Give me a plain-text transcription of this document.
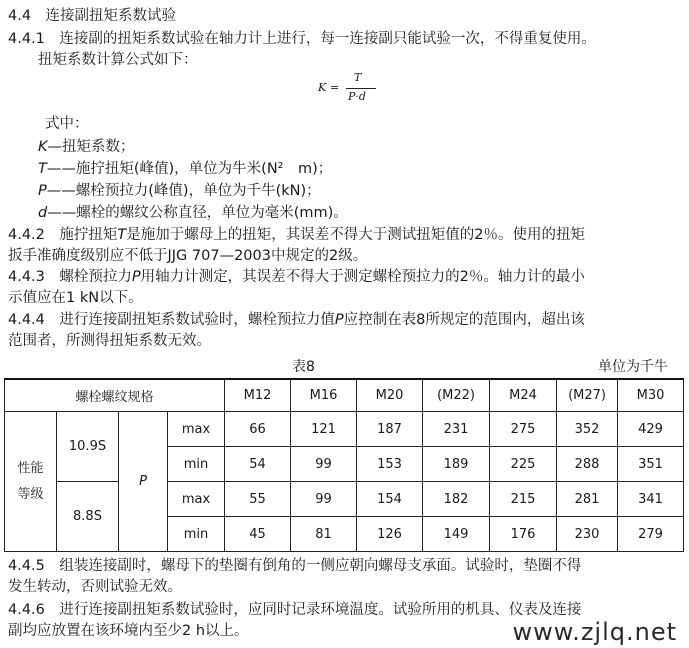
4.4　连接副扭矩系数试验
4.4.1　连接副的扭矩系数试验在轴力计上进行，每一连接副只能试验一次，不得重复使用。
扭矩系数计算公式如下：
K =
T
P·d
式中：
K—扭矩系数；
T——施拧扭矩(峰值)，单位为牛米(N²　m)；
P——螺栓预拉力(峰值)，单位为千牛(kN)；
d——螺栓的螺纹公称直径，单位为毫米(mm)。
4.4.2　施拧扭矩T是施加于螺母上的扭矩，其误差不得大于测试扭矩值的2％。使用的扭矩
扳手准确度级别应不低于JJG 707—2003中规定的2级。
4.4.3　螺栓预拉力P用轴力计测定，其误差不得大于测定螺栓预拉力的2％。轴力计的最小
示值应在1 kN以下。
4.4.4　进行连接副扭矩系数试验时，螺栓预拉力值P应控制在表8所规定的范围内，超出该
范围者，所测得扭矩系数无效。
表8	单位为千牛
螺栓螺纹规格				M12	M16	M20	(M22)	M24	(M27)	M30
性能等级	10.9S	P	max	66	121	187	231	275	352	429
			min	54	99	153	189	225	288	351
	8.8S		max	55	99	154	182	215	281	341
			min	45	81	126	149	176	230	279
4.4.5　组装连接副时，螺母下的垫圈有倒角的一侧应朝向螺母支承面。试验时，垫圈不得
发生转动，否则试验无效。
4.4.6　进行连接副扭矩系数试验时，应同时记录环境温度。试验所用的机具、仪表及连接
副均应放置在该环境内至少2 h以上。	www.zjlq.net
